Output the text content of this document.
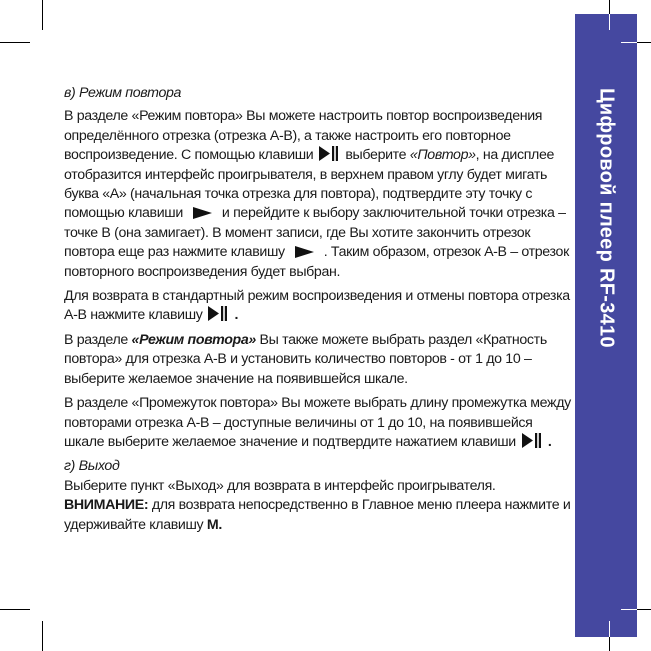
Цифровой плеер RF-3410

в) Режим повтора

В разделе «Режим повтора» Вы можете настроить повтор воспроизведения определённого отрезка (отрезка А-В), а также настроить его повторное воспроизведение. С помощью клавиши выберите «Повтор», на дисплее отобразится интерфейс проигрывателя, в верхнем правом углу будет мигать буква «А» (начальная точка отрезка для повтора), подтвердите эту точку с помощью клавиши	и перейдите к выбору заключительной точки отрезка – точке В (она замигает). В момент записи, где Вы хотите закончить отрезок повтора еще раз нажмите клавишу	. Таким образом, отрезок А-В – отрезок повторного воспроизведения будет выбран.

Для возврата в стандартный режим воспроизведения и отмены повтора отрезка А-В нажмите клавишу .

В разделе «Режим повтора» Вы также можете выбрать раздел «Кратность повтора» для отрезка А-В и установить количество повторов - от 1 до 10 – выберите желаемое значение на появившейся шкале.

В разделе «Промежуток повтора» Вы можете выбрать длину промежутка между повторами отрезка А-В – доступные величины от 1 до 10, на появившейся шкале выберите желаемое значение и подтвердите нажатием клавиши .

г) Выход

Выберите пункт «Выход» для возврата в интерфейс проигрывателя.
ВНИМАНИЕ: для возврата непосредственно в Главное меню плеера нажмите и удерживайте клавишу М.
